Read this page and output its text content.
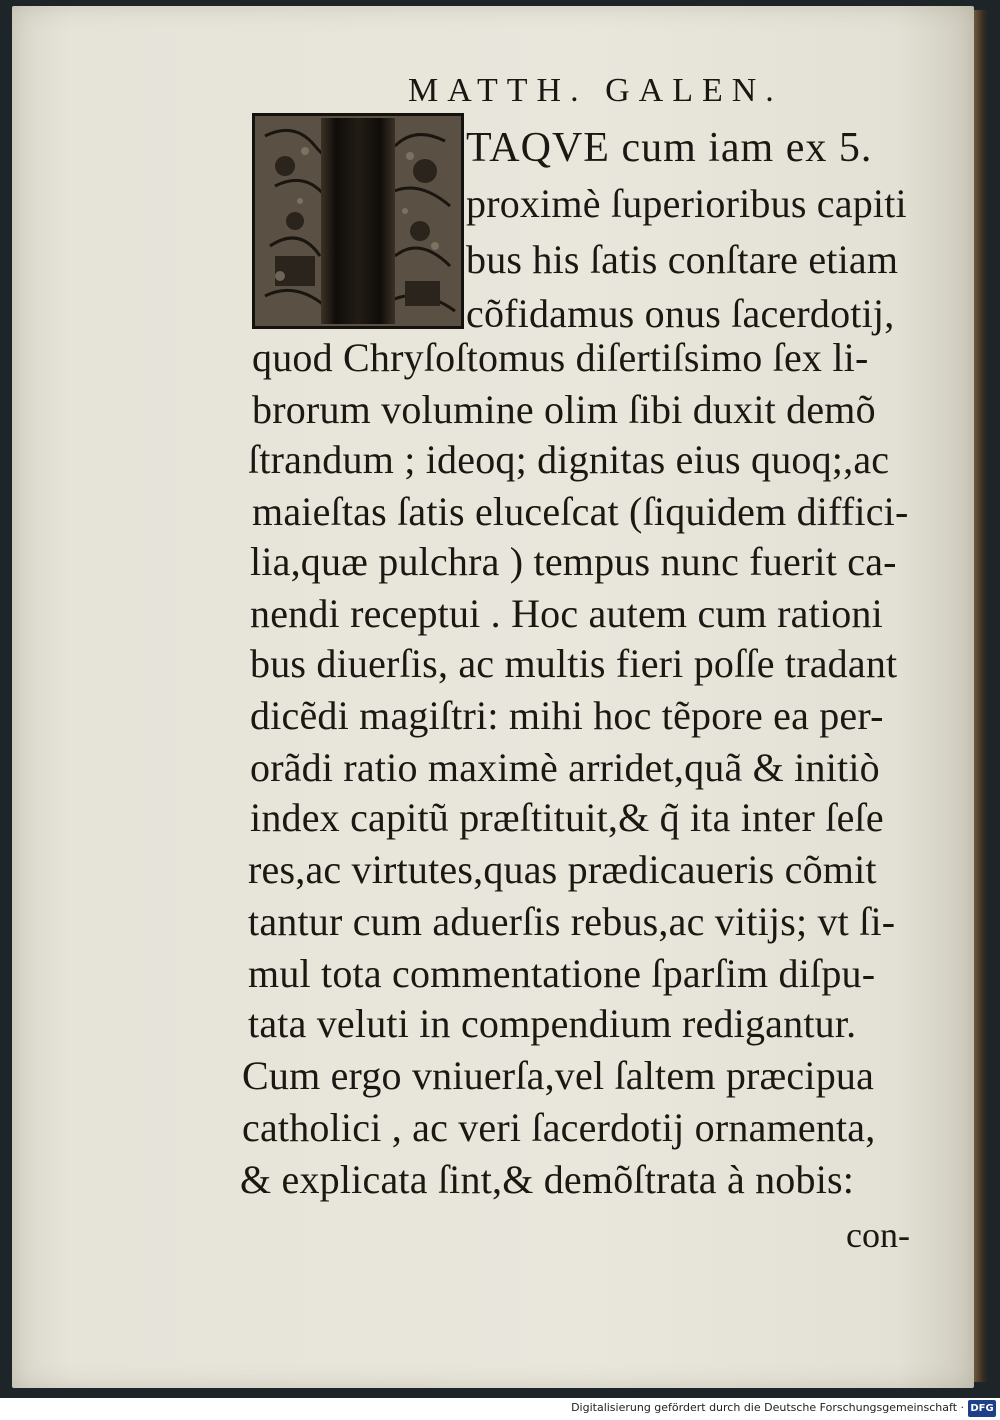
MATTH. GALEN.
TAQVE cum iam ex 5.
proximè ſuperioribus capiti
bus his ſatis conſtare etiam
cõfidamus onus ſacerdotij,
quod Chryſoſtomus diſertiſsimo ſex li-
brorum volumine olim ſibi duxit demõ
ſtrandum ; ideoq; dignitas eius quoq;,ac
maieſtas ſatis eluceſcat (ſiquidem diffici-
lia,quæ pulchra ) tempus nunc fuerit ca-
nendi receptui . Hoc autem cum rationi
bus diuerſis, ac multis fieri poſſe tradant
dicẽdi magiſtri: mihi hoc tẽpore ea per-
orãdi ratio maximè arridet,quã & initiò
index capitũ præſtituit,& q̃ ita inter ſeſe
res,ac virtutes,quas prædicaueris cõmit
tantur cum aduerſis rebus,ac vitijs; vt ſi-
mul tota commentatione ſparſim diſpu-
tata veluti in compendium redigantur.
Cum ergo vniuerſa,vel ſaltem præcipua
catholici , ac veri ſacerdotij ornamenta,
& explicata ſint,& demõſtrata à nobis:
con-
Digitalisierung gefördert durch die Deutsche Forschungsgemeinschaft · DFG
